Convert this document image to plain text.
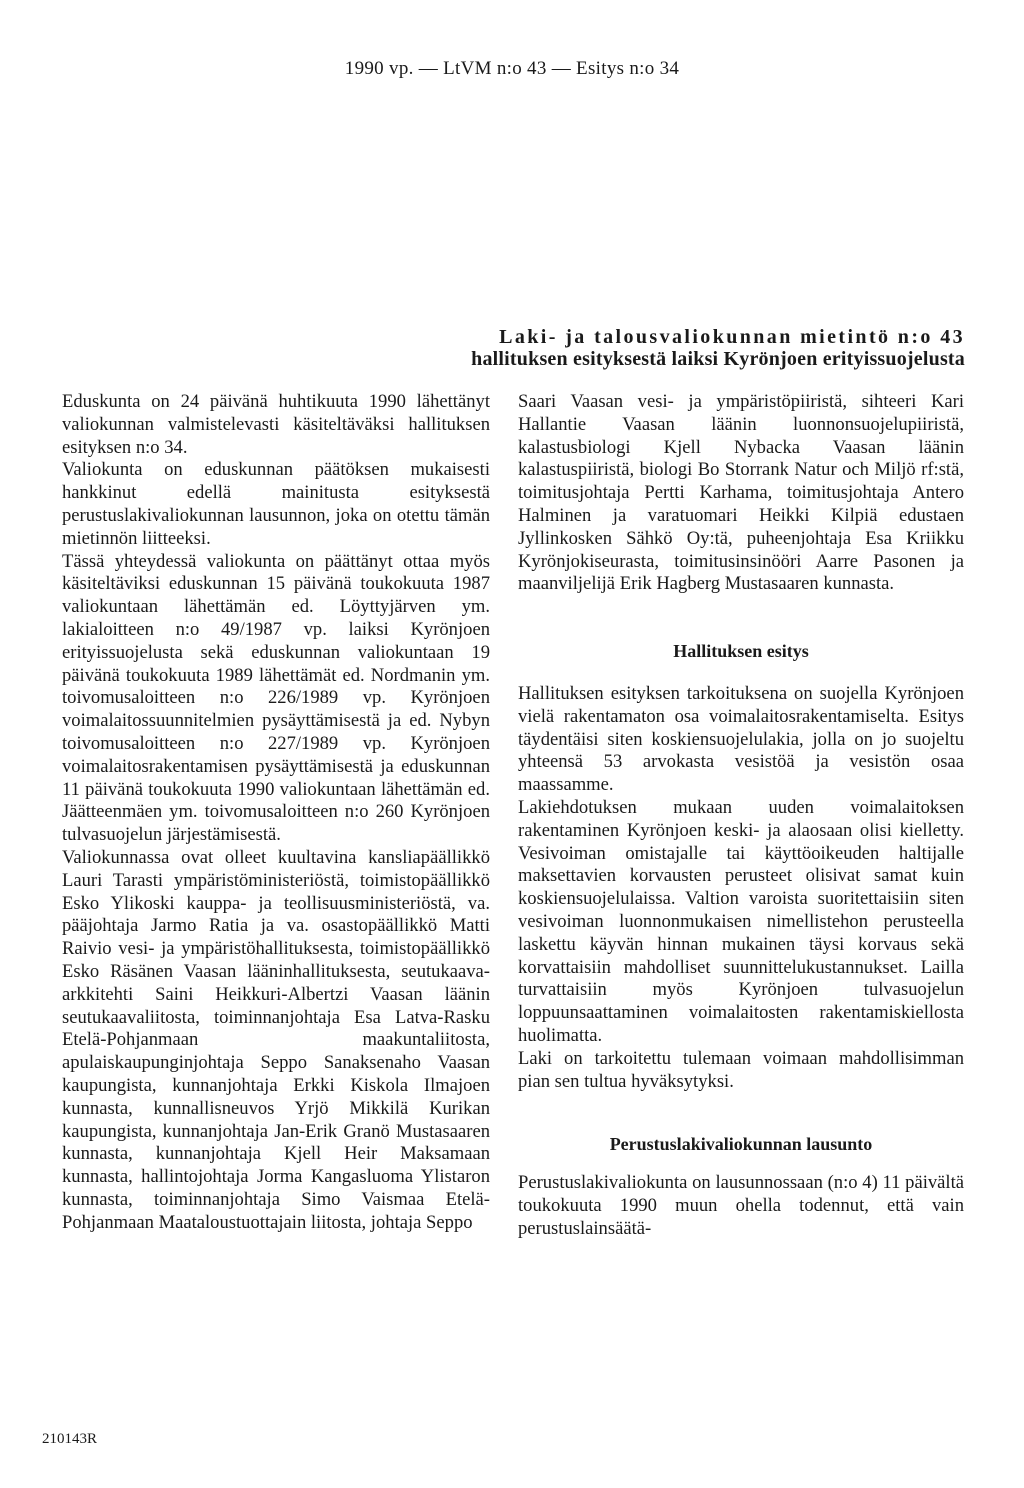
1990 vp. — LtVM n:o 43 — Esitys n:o 34
Laki- ja talousvaliokunnan mietintö n:o 43
hallituksen esityksestä laiksi Kyrönjoen erityissuojelusta

Eduskunta on 24 päivänä huhtikuuta 1990 lähettänyt valiokunnan valmistelevasti käsiteltäväksi hallituksen esityksen n:o 34.

Valiokunta on eduskunnan päätöksen mukaisesti hankkinut edellä mainitusta esityksestä perustuslakivaliokunnan lausunnon, joka on otettu tämän mietinnön liitteeksi.

Tässä yhteydessä valiokunta on päättänyt ottaa myös käsiteltäviksi eduskunnan 15 päivänä toukokuuta 1987 valiokuntaan lähettämän ed. Löyttyjärven ym. lakialoitteen n:o 49/1987 vp. laiksi Kyrönjoen erityissuojelusta sekä eduskunnan valiokuntaan 19 päivänä toukokuuta 1989 lähettämät ed. Nordmanin ym. toivomusaloitteen n:o 226/1989 vp. Kyrönjoen voimalaitossuunnitelmien pysäyttämisestä ja ed. Nybyn toivomusaloitteen n:o 227/1989 vp. Kyrönjoen voimalaitosrakentamisen pysäyttämisestä ja eduskunnan 11 päivänä toukokuuta 1990 valiokuntaan lähettämän ed. Jäätteenmäen ym. toivomusaloitteen n:o 260 Kyrönjoen tulvasuojelun järjestämisestä.

Valiokunnassa ovat olleet kuultavina kansliapäällikkö Lauri Tarasti ympäristöministeriöstä, toimistopäällikkö Esko Ylikoski kauppa- ja teollisuusministeriöstä, va. pääjohtaja Jarmo Ratia ja va. osastopäällikkö Matti Raivio vesi- ja ympäristöhallituksesta, toimistopäällikkö Esko Räsänen Vaasan lääninhallituksesta, seutukaava-arkkitehti Saini Heikkuri-Albertzi Vaasan läänin seutukaavaliitosta, toiminnanjohtaja Esa Latva-Rasku Etelä-Pohjanmaan maakuntaliitosta, apulaiskaupunginjohtaja Seppo Sanaksenaho Vaasan kaupungista, kunnanjohtaja Erkki Kiskola Ilmajoen kunnasta, kunnallisneuvos Yrjö Mikkilä Kurikan kaupungista, kunnanjohtaja Jan-Erik Granö Mustasaaren kunnasta, kunnanjohtaja Kjell Heir Maksamaan kunnasta, hallintojohtaja Jorma Kangasluoma Ylistaron kunnasta, toiminnanjohtaja Simo Vaismaa Etelä-Pohjanmaan Maataloustuottajain liitosta, johtaja Seppo

Saari Vaasan vesi- ja ympäristöpiiristä, sihteeri Kari Hallantie Vaasan läänin luonnonsuojelupiiristä, kalastusbiologi Kjell Nybacka Vaasan läänin kalastuspiiristä, biologi Bo Storrank Natur och Miljö rf:stä, toimitusjohtaja Pertti Karhama, toimitusjohtaja Antero Halminen ja varatuomari Heikki Kilpiä edustaen Jyllinkosken Sähkö Oy:tä, puheenjohtaja Esa Kriikku Kyrönjokiseurasta, toimitusinsinööri Aarre Pasonen ja maanviljelijä Erik Hagberg Mustasaaren kunnasta.

Hallituksen esitys

Hallituksen esityksen tarkoituksena on suojella Kyrönjoen vielä rakentamaton osa voimalaitosrakentamiselta. Esitys täydentäisi siten koskiensuojelulakia, jolla on jo suojeltu yhteensä 53 arvokasta vesistöä ja vesistön osaa maassamme.

Lakiehdotuksen mukaan uuden voimalaitoksen rakentaminen Kyrönjoen keski- ja alaosaan olisi kielletty. Vesivoiman omistajalle tai käyttöoikeuden haltijalle maksettavien korvausten perusteet olisivat samat kuin koskiensuojelulaissa. Valtion varoista suoritettaisiin siten vesivoiman luonnonmukaisen nimellistehon perusteella laskettu käyvän hinnan mukainen täysi korvaus sekä korvattaisiin mahdolliset suunnittelukustannukset. Lailla turvattaisiin myös Kyrönjoen tulvasuojelun loppuunsaattaminen voimalaitosten rakentamiskiellosta huolimatta.

Laki on tarkoitettu tulemaan voimaan mahdollisimman pian sen tultua hyväksytyksi.

Perustuslakivaliokunnan lausunto

Perustuslakivaliokunta on lausunnossaan (n:o 4) 11 päivältä toukokuuta 1990 muun ohella todennut, että vain perustuslainsäätä-

210143R
